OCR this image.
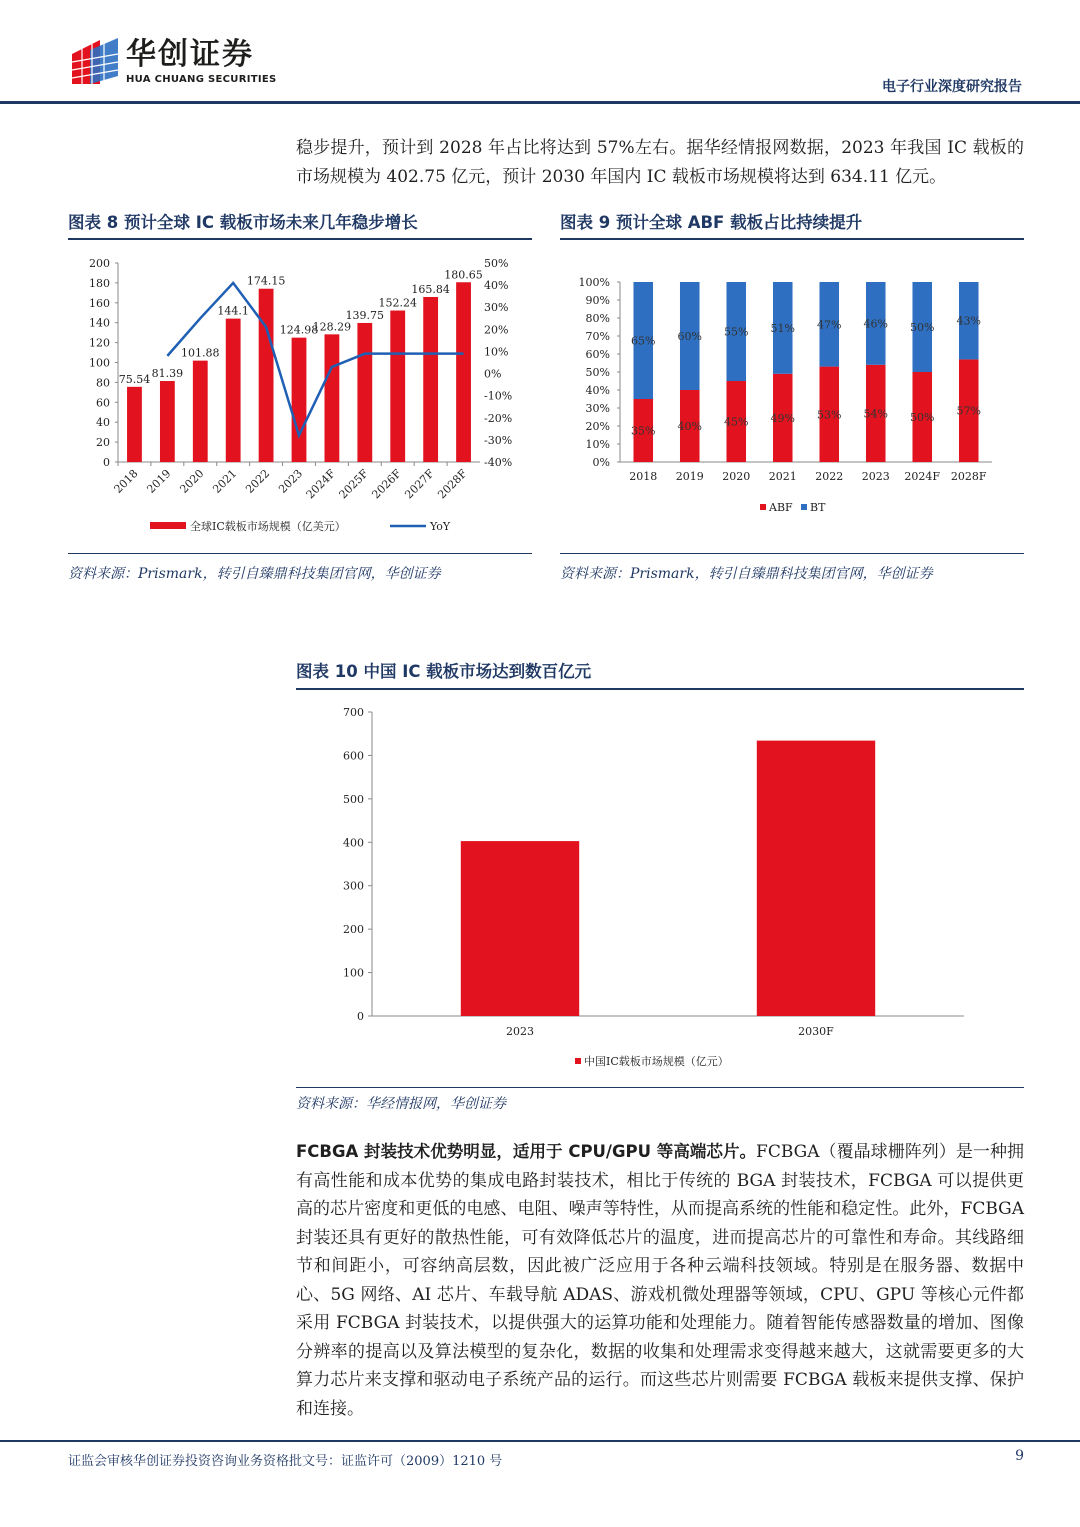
华创证券
HUA CHUANG SECURITIES	电子行业深度研究报告
稳步提升，预计到 2028 年占比将达到 57%左右。据华经情报网数据，2023 年我国 IC 载板的市场规模为 402.75 亿元，预计 2030 年国内 IC 载板市场规模将达到 634.11 亿元。
图表 8 预计全球 IC 载板市场未来几年稳步增长
0
20
40
60
80
100
120
140
160
180
200
-40%
-30%
-20%
-10%
0%
10%
20%
30%
40%
50%
75.54
2018
81.39
2019
101.88
2020
144.1
2021
174.15
2022
124.98
2023
128.29
2024F
139.75
2025F
152.24
2026F
165.84
2027F
180.65
2028F
全球IC载板市场规模（亿美元）	YoY
资料来源：Prismark，转引自臻鼎科技集团官网，华创证券
图表 9 预计全球 ABF 载板占比持续提升
0%
10%
20%
30%
40%
50%
60%
70%
80%
90%
100%
35%
65%
2018
40%
60%
2019
45%
55%
2020
49%
51%
2021
53%
47%
2022
54%
46%
2023
50%
50%
2024F
57%
43%
2028F
ABF BT
资料来源：Prismark，转引自臻鼎科技集团官网，华创证券
图表 10 中国 IC 载板市场达到数百亿元
0
100
200
300
400
500
600
700
2023	2030F
中国IC载板市场规模（亿元）
资料来源：华经情报网，华创证券
FCBGA 封装技术优势明显，适用于 CPU/GPU 等高端芯片。FCBGA（覆晶球栅阵列）是一种拥有高性能和成本优势的集成电路封装技术，相比于传统的 BGA 封装技术，FCBGA 可以提供更高的芯片密度和更低的电感、电阻、噪声等特性，从而提高系统的性能和稳定性。此外，FCBGA 封装还具有更好的散热性能，可有效降低芯片的温度，进而提高芯片的可靠性和寿命。其线路细节和间距小，可容纳高层数，因此被广泛应用于各种云端科技领域。特别是在服务器、数据中心、5G 网络、AI 芯片、车载导航 ADAS、游戏机微处理器等领域，CPU、GPU 等核心元件都采用 FCBGA 封装技术，以提供强大的运算功能和处理能力。随着智能传感器数量的增加、图像分辨率的提高以及算法模型的复杂化，数据的收集和处理需求变得越来越大，这就需要更多的大算力芯片来支撑和驱动电子系统产品的运行。而这些芯片则需要 FCBGA 载板来提供支撑、保护和连接。
证监会审核华创证券投资咨询业务资格批文号：证监许可（2009）1210 号	9
